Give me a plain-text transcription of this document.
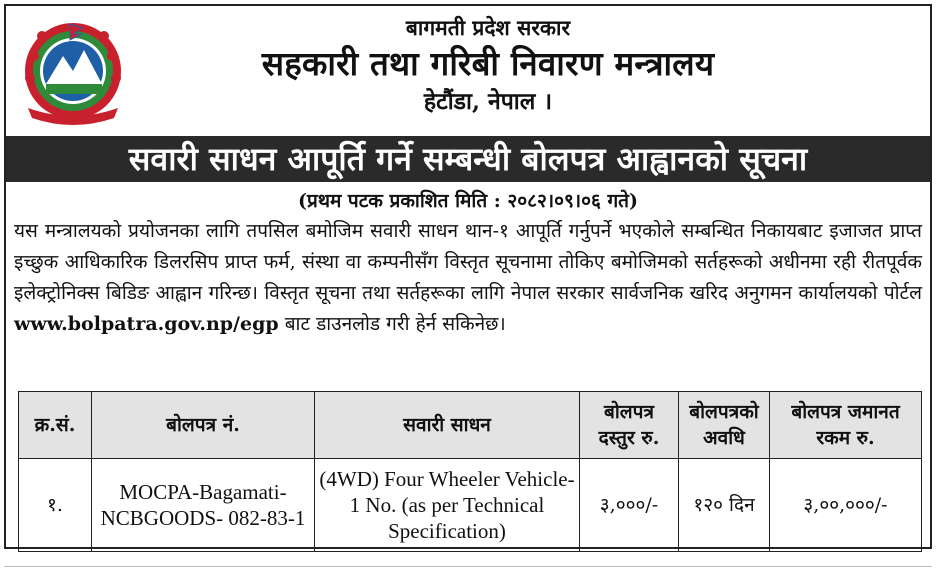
बागमती प्रदेश सरकार
सहकारी तथा गरिबी निवारण मन्त्रालय
हेटौंडा, नेपाल ।
सवारी साधन आपूर्ति गर्ने सम्बन्धी बोलपत्र आह्वानको सूचना
(प्रथम पटक प्रकाशित मिति : २०८२।०९।०६ गते)
यस मन्त्रालयको प्रयोजनका लागि तपसिल बमोजिम सवारी साधन थान-१ आपूर्ति गर्नुपर्ने भएकोले सम्बन्धित निकायबाट इजाजत प्राप्त इच्छुक आधिकारिक डिलरसिप प्राप्त फर्म, संस्था वा कम्पनीसँग विस्तृत सूचनामा तोकिए बमोजिमको सर्तहरूको अधीनमा रही रीतपूर्वक इलेक्ट्रोनिक्स बिडिङ आह्वान गरिन्छ। विस्तृत सूचना तथा सर्तहरूका लागि नेपाल सरकार सार्वजनिक खरिद अनुगमन कार्यालयको पोर्टल www.bolpatra.gov.np/egp बाट डाउनलोड गरी हेर्न सकिनेछ।
क्र.सं.	बोलपत्र नं.	सवारी साधन	बोलपत्र दस्तुर रु.	बोलपत्रको अवधि	बोलपत्र जमानत रकम रु.
१.	MOCPA-Bagamati-NCBGOODS- 082-83-1	(4WD) Four Wheeler Vehicle-1 No. (as per Technical Specification)	३,०००/-	१२० दिन	३,००,०००/-
